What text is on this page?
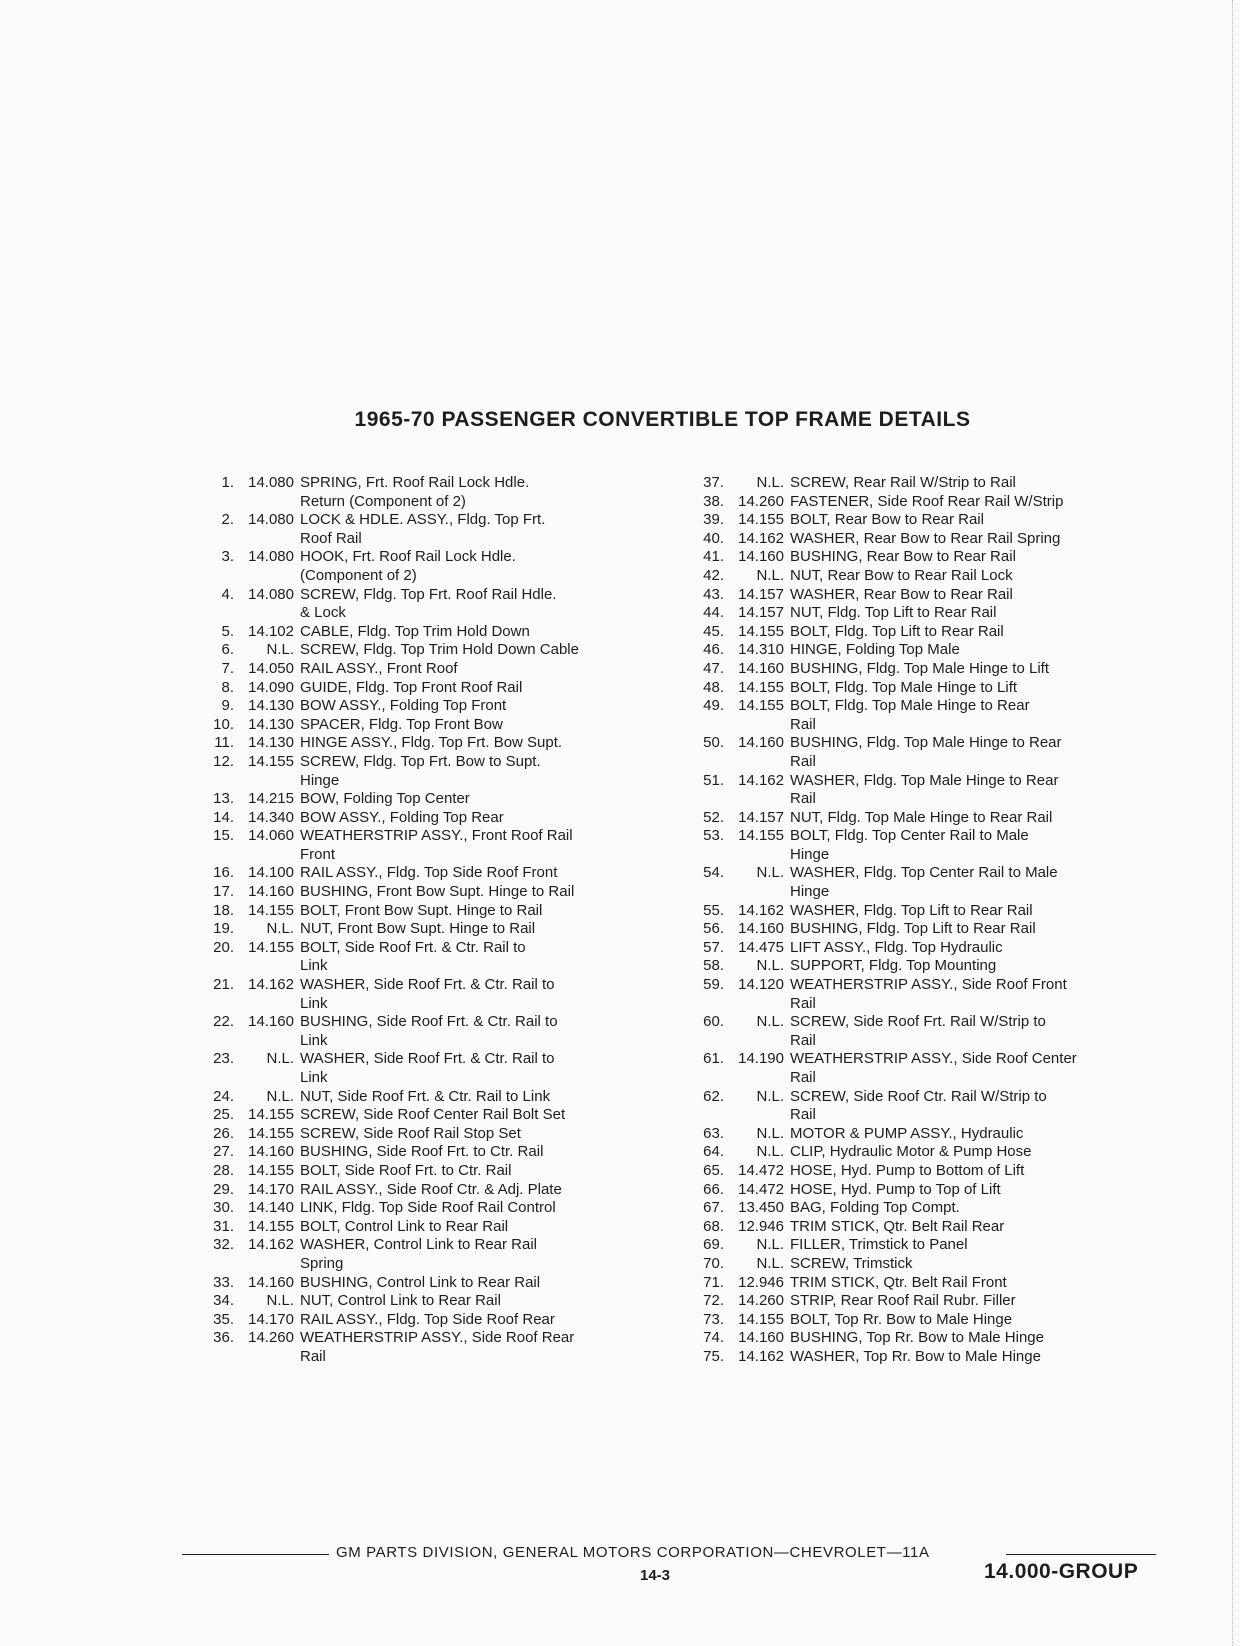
1965-70 PASSENGER CONVERTIBLE TOP FRAME DETAILS
1. 14.080 SPRING, Frt. Roof Rail Lock Hdle.
Return (Component of 2)
2. 14.080 LOCK & HDLE. ASSY., Fldg. Top Frt.
Roof Rail
3. 14.080 HOOK, Frt. Roof Rail Lock Hdle.
(Component of 2)
4. 14.080 SCREW, Fldg. Top Frt. Roof Rail Hdle.
& Lock
5. 14.102 CABLE, Fldg. Top Trim Hold Down
6.	N.L. SCREW, Fldg. Top Trim Hold Down Cable
7. 14.050 RAIL ASSY., Front Roof
8. 14.090 GUIDE, Fldg. Top Front Roof Rail
9. 14.130 BOW ASSY., Folding Top Front
10. 14.130 SPACER, Fldg. Top Front Bow
11. 14.130 HINGE ASSY., Fldg. Top Frt. Bow Supt.
12. 14.155 SCREW, Fldg. Top Frt. Bow to Supt.
Hinge
13. 14.215 BOW, Folding Top Center
14. 14.340 BOW ASSY., Folding Top Rear
15. 14.060 WEATHERSTRIP ASSY., Front Roof Rail
Front
16. 14.100 RAIL ASSY., Fldg. Top Side Roof Front
17. 14.160 BUSHING, Front Bow Supt. Hinge to Rail
18. 14.155 BOLT, Front Bow Supt. Hinge to Rail
19.	N.L. NUT, Front Bow Supt. Hinge to Rail
20. 14.155 BOLT, Side Roof Frt. & Ctr. Rail to
Link
21. 14.162 WASHER, Side Roof Frt. & Ctr. Rail to
Link
22. 14.160 BUSHING, Side Roof Frt. & Ctr. Rail to
Link
23.	N.L. WASHER, Side Roof Frt. & Ctr. Rail to
Link
24.	N.L. NUT, Side Roof Frt. & Ctr. Rail to Link
25. 14.155 SCREW, Side Roof Center Rail Bolt Set
26. 14.155 SCREW, Side Roof Rail Stop Set
27. 14.160 BUSHING, Side Roof Frt. to Ctr. Rail
28. 14.155 BOLT, Side Roof Frt. to Ctr. Rail
29. 14.170 RAIL ASSY., Side Roof Ctr. & Adj. Plate
30. 14.140 LINK, Fldg. Top Side Roof Rail Control
31. 14.155 BOLT, Control Link to Rear Rail
32. 14.162 WASHER, Control Link to Rear Rail
Spring
33. 14.160 BUSHING, Control Link to Rear Rail
34.	N.L. NUT, Control Link to Rear Rail
35. 14.170 RAIL ASSY., Fldg. Top Side Roof Rear
36. 14.260 WEATHERSTRIP ASSY., Side Roof Rear
Rail
37.	N.L. SCREW, Rear Rail W/Strip to Rail
38. 14.260 FASTENER, Side Roof Rear Rail W/Strip
39. 14.155 BOLT, Rear Bow to Rear Rail
40. 14.162 WASHER, Rear Bow to Rear Rail Spring
41. 14.160 BUSHING, Rear Bow to Rear Rail
42.	N.L. NUT, Rear Bow to Rear Rail Lock
43. 14.157 WASHER, Rear Bow to Rear Rail
44. 14.157 NUT, Fldg. Top Lift to Rear Rail
45. 14.155 BOLT, Fldg. Top Lift to Rear Rail
46. 14.310 HINGE, Folding Top Male
47. 14.160 BUSHING, Fldg. Top Male Hinge to Lift
48. 14.155 BOLT, Fldg. Top Male Hinge to Lift
49. 14.155 BOLT, Fldg. Top Male Hinge to Rear
Rail
50. 14.160 BUSHING, Fldg. Top Male Hinge to Rear
Rail
51. 14.162 WASHER, Fldg. Top Male Hinge to Rear
Rail
52. 14.157 NUT, Fldg. Top Male Hinge to Rear Rail
53. 14.155 BOLT, Fldg. Top Center Rail to Male
Hinge
54.	N.L. WASHER, Fldg. Top Center Rail to Male
Hinge
55. 14.162 WASHER, Fldg. Top Lift to Rear Rail
56. 14.160 BUSHING, Fldg. Top Lift to Rear Rail
57. 14.475 LIFT ASSY., Fldg. Top Hydraulic
58.	N.L. SUPPORT, Fldg. Top Mounting
59. 14.120 WEATHERSTRIP ASSY., Side Roof Front
Rail
60.	N.L. SCREW, Side Roof Frt. Rail W/Strip to
Rail
61. 14.190 WEATHERSTRIP ASSY., Side Roof Center
Rail
62.	N.L. SCREW, Side Roof Ctr. Rail W/Strip to
Rail
63.	N.L. MOTOR & PUMP ASSY., Hydraulic
64.	N.L. CLIP, Hydraulic Motor & Pump Hose
65. 14.472 HOSE, Hyd. Pump to Bottom of Lift
66. 14.472 HOSE, Hyd. Pump to Top of Lift
67. 13.450 BAG, Folding Top Compt.
68. 12.946 TRIM STICK, Qtr. Belt Rail Rear
69.	N.L. FILLER, Trimstick to Panel
70.	N.L. SCREW, Trimstick
71. 12.946 TRIM STICK, Qtr. Belt Rail Front
72. 14.260 STRIP, Rear Roof Rail Rubr. Filler
73. 14.155 BOLT, Top Rr. Bow to Male Hinge
74. 14.160 BUSHING, Top Rr. Bow to Male Hinge
75. 14.162 WASHER, Top Rr. Bow to Male Hinge
GM PARTS DIVISION, GENERAL MOTORS CORPORATION—CHEVROLET—11A
14-3	14.000-GROUP
